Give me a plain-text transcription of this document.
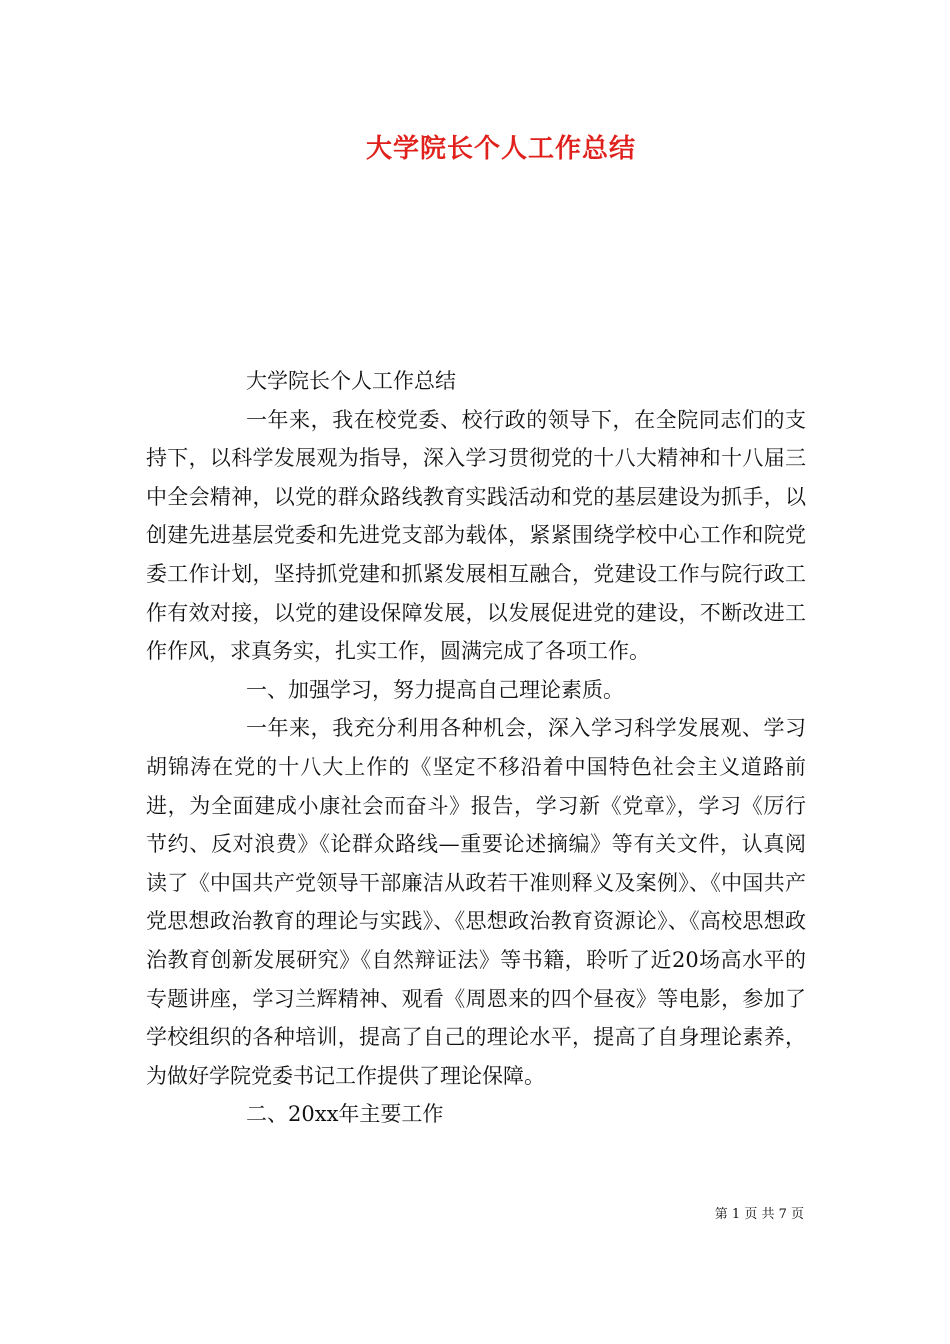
大学院长个人工作总结

大学院长个人工作总结

一年来，我在校党委、校行政的领导下，在全院同志们的支持下，以科学发展观为指导，深入学习贯彻党的十八大精神和十八届三中全会精神，以党的群众路线教育实践活动和党的基层建设为抓手，以创建先进基层党委和先进党支部为载体，紧紧围绕学校中心工作和院党委工作计划，坚持抓党建和抓紧发展相互融合，党建设工作与院行政工作有效对接，以党的建设保障发展，以发展促进党的建设，不断改进工作作风，求真务实，扎实工作，圆满完成了各项工作。

一、加强学习，努力提高自己理论素质。

一年来，我充分利用各种机会，深入学习科学发展观、学习胡锦涛在党的十八大上作的《坚定不移沿着中国特色社会主义道路前进，为全面建成小康社会而奋斗》报告，学习新《党章》，学习《厉行节约、反对浪费》《论群众路线—重要论述摘编》等有关文件，认真阅读了《中国共产党领导干部廉洁从政若干准则释义及案例》、《中国共产党思想政治教育的理论与实践》、《思想政治教育资源论》、《高校思想政治教育创新发展研究》《自然辩证法》等书籍，聆听了近20场高水平的专题讲座，学习兰辉精神、观看《周恩来的四个昼夜》等电影，参加了学校组织的各种培训，提高了自己的理论水平，提高了自身理论素养，为做好学院党委书记工作提供了理论保障。

二、20xx年主要工作

第 1 页 共 7 页
